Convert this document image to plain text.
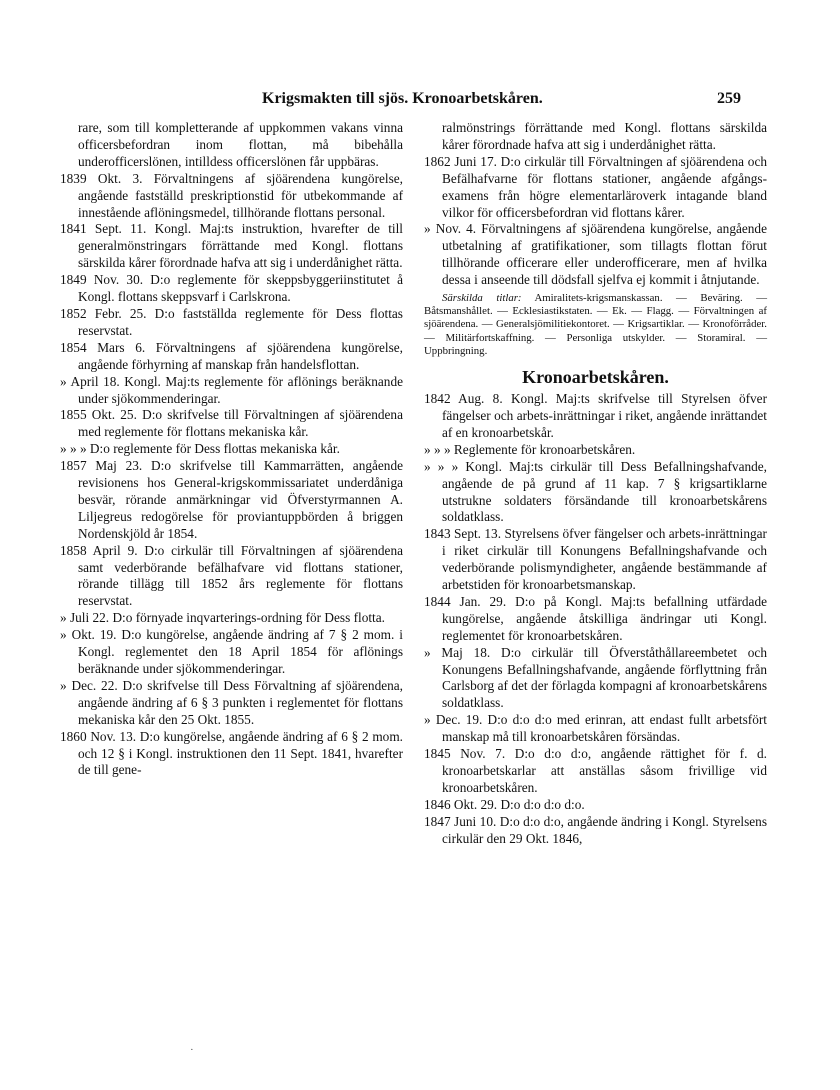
Krigsmakten till sjös. Kronoarbetskåren.	259

rare, som till kompletterande af uppkommen vakans vinna officersbefordran inom flottan, må bibehålla underofficerslönen, intilldess officerslönen får uppbäras.

1839 Okt. 3. Förvaltningens af sjöärendena kungörelse, angående fastställd preskriptionstid för utbekommande af innestående aflöningsmedel, tillhörande flottans personal.

1841 Sept. 11. Kongl. Maj:ts instruktion, hvarefter de till generalmönstringars förrättande med Kongl. flottans särskilda kårer förordnade hafva att sig i underdånighet rätta.

1849 Nov. 30. D:o reglemente för skeppsbyggeriinstitutet å Kongl. flottans skeppsvarf i Carlskrona.

1852 Febr. 25. D:o fastställda reglemente för Dess flottas reservstat.

1854 Mars 6. Förvaltningens af sjöärendena kungörelse, angående förhyrning af manskap från handelsflottan.

» April 18. Kongl. Maj:ts reglemente för aflönings beräknande under sjökommenderingar.

1855 Okt. 25. D:o skrifvelse till Förvaltningen af sjöärendena med reglemente för flottans mekaniska kår.

» » » D:o reglemente för Dess flottas mekaniska kår.

1857 Maj 23. D:o skrifvelse till Kammarrätten, angående revisionens hos General-krigskommissariatet underdåniga besvär, rörande anmärkningar vid Öfverstyrmannen A. Liljegreus redogörelse för proviantuppbörden å briggen Nordenskjöld år 1854.

1858 April 9. D:o cirkulär till Förvaltningen af sjöärendena samt vederbörande befälhafvare vid flottans stationer, rörande tillägg till 1852 års reglemente för flottans reservstat.

» Juli 22. D:o förnyade inqvarterings-ordning för Dess flotta.

» Okt. 19. D:o kungörelse, angående ändring af 7 § 2 mom. i Kongl. reglementet den 18 April 1854 för aflönings beräknande under sjökommenderingar.

» Dec. 22. D:o skrifvelse till Dess Förvaltning af sjöärendena, angående ändring af 6 § 3 punkten i reglementet för flottans mekaniska kår den 25 Okt. 1855.

1860 Nov. 13. D:o kungörelse, angående ändring af 6 § 2 mom. och 12 § i Kongl. instruktionen den 11 Sept. 1841, hvarefter de till gene-

ralmönstrings förrättande med Kongl. flottans särskilda kårer förordnade hafva att sig i underdånighet rätta.

1862 Juni 17. D:o cirkulär till Förvaltningen af sjöärendena och Befälhafvarne för flottans stationer, angående afgångs-examens från högre elementarläroverk intagande bland vilkor för officersbefordran vid flottans kårer.

» Nov. 4. Förvaltningens af sjöärendena kungörelse, angående utbetalning af gratifikationer, som tillagts flottan förut tillhörande officerare eller underofficerare, men af hvilka dessa i anseende till dödsfall sjelfva ej kommit i åtnjutande.

Särskilda titlar: Amiralitets-krigsmanskassan. — Beväring. — Båtsmanshållet. — Ecklesiastikstaten. — Ek. — Flagg. — Förvaltningen af sjöärendena. — Generalsjömilitiekontoret. — Krigsartiklar. — Kronoförråder. — Militärfortskaffning. — Personliga utskylder. — Storamiral. — Uppbringning.

Kronoarbetskåren.

1842 Aug. 8. Kongl. Maj:ts skrifvelse till Styrelsen öfver fängelser och arbets-inrättningar i riket, angående inrättandet af en kronoarbetskår.

» » » Reglemente för kronoarbetskåren.

» » » Kongl. Maj:ts cirkulär till Dess Befallningshafvande, angående de på grund af 11 kap. 7 § krigsartiklarne utstrukne soldaters försändande till kronoarbetskårens soldatklass.

1843 Sept. 13. Styrelsens öfver fängelser och arbets-inrättningar i riket cirkulär till Konungens Befallningshafvande och vederbörande polismyndigheter, angående bestämmande af arbetstiden för kronoarbetsmanskap.

1844 Jan. 29. D:o på Kongl. Maj:ts befallning utfärdade kungörelse, angående åtskilliga ändringar uti Kongl. reglementet för kronoarbetskåren.

» Maj 18. D:o cirkulär till Öfverståthållareembetet och Konungens Befallningshafvande, angående förflyttning från Carlsborg af det der förlagda kompagni af kronoarbetskårens soldatklass.

» Dec. 19. D:o d:o d:o med erinran, att endast fullt arbetsfört manskap må till kronoarbetskåren försändas.

1845 Nov. 7. D:o d:o d:o, angående rättighet för f. d. kronoarbetskarlar att anställas såsom frivillige vid kronoarbetskåren.

1846 Okt. 29. D:o d:o d:o d:o.

1847 Juni 10. D:o d:o d:o, angående ändring i Kongl. Styrelsens cirkulär den 29 Okt. 1846,

·
